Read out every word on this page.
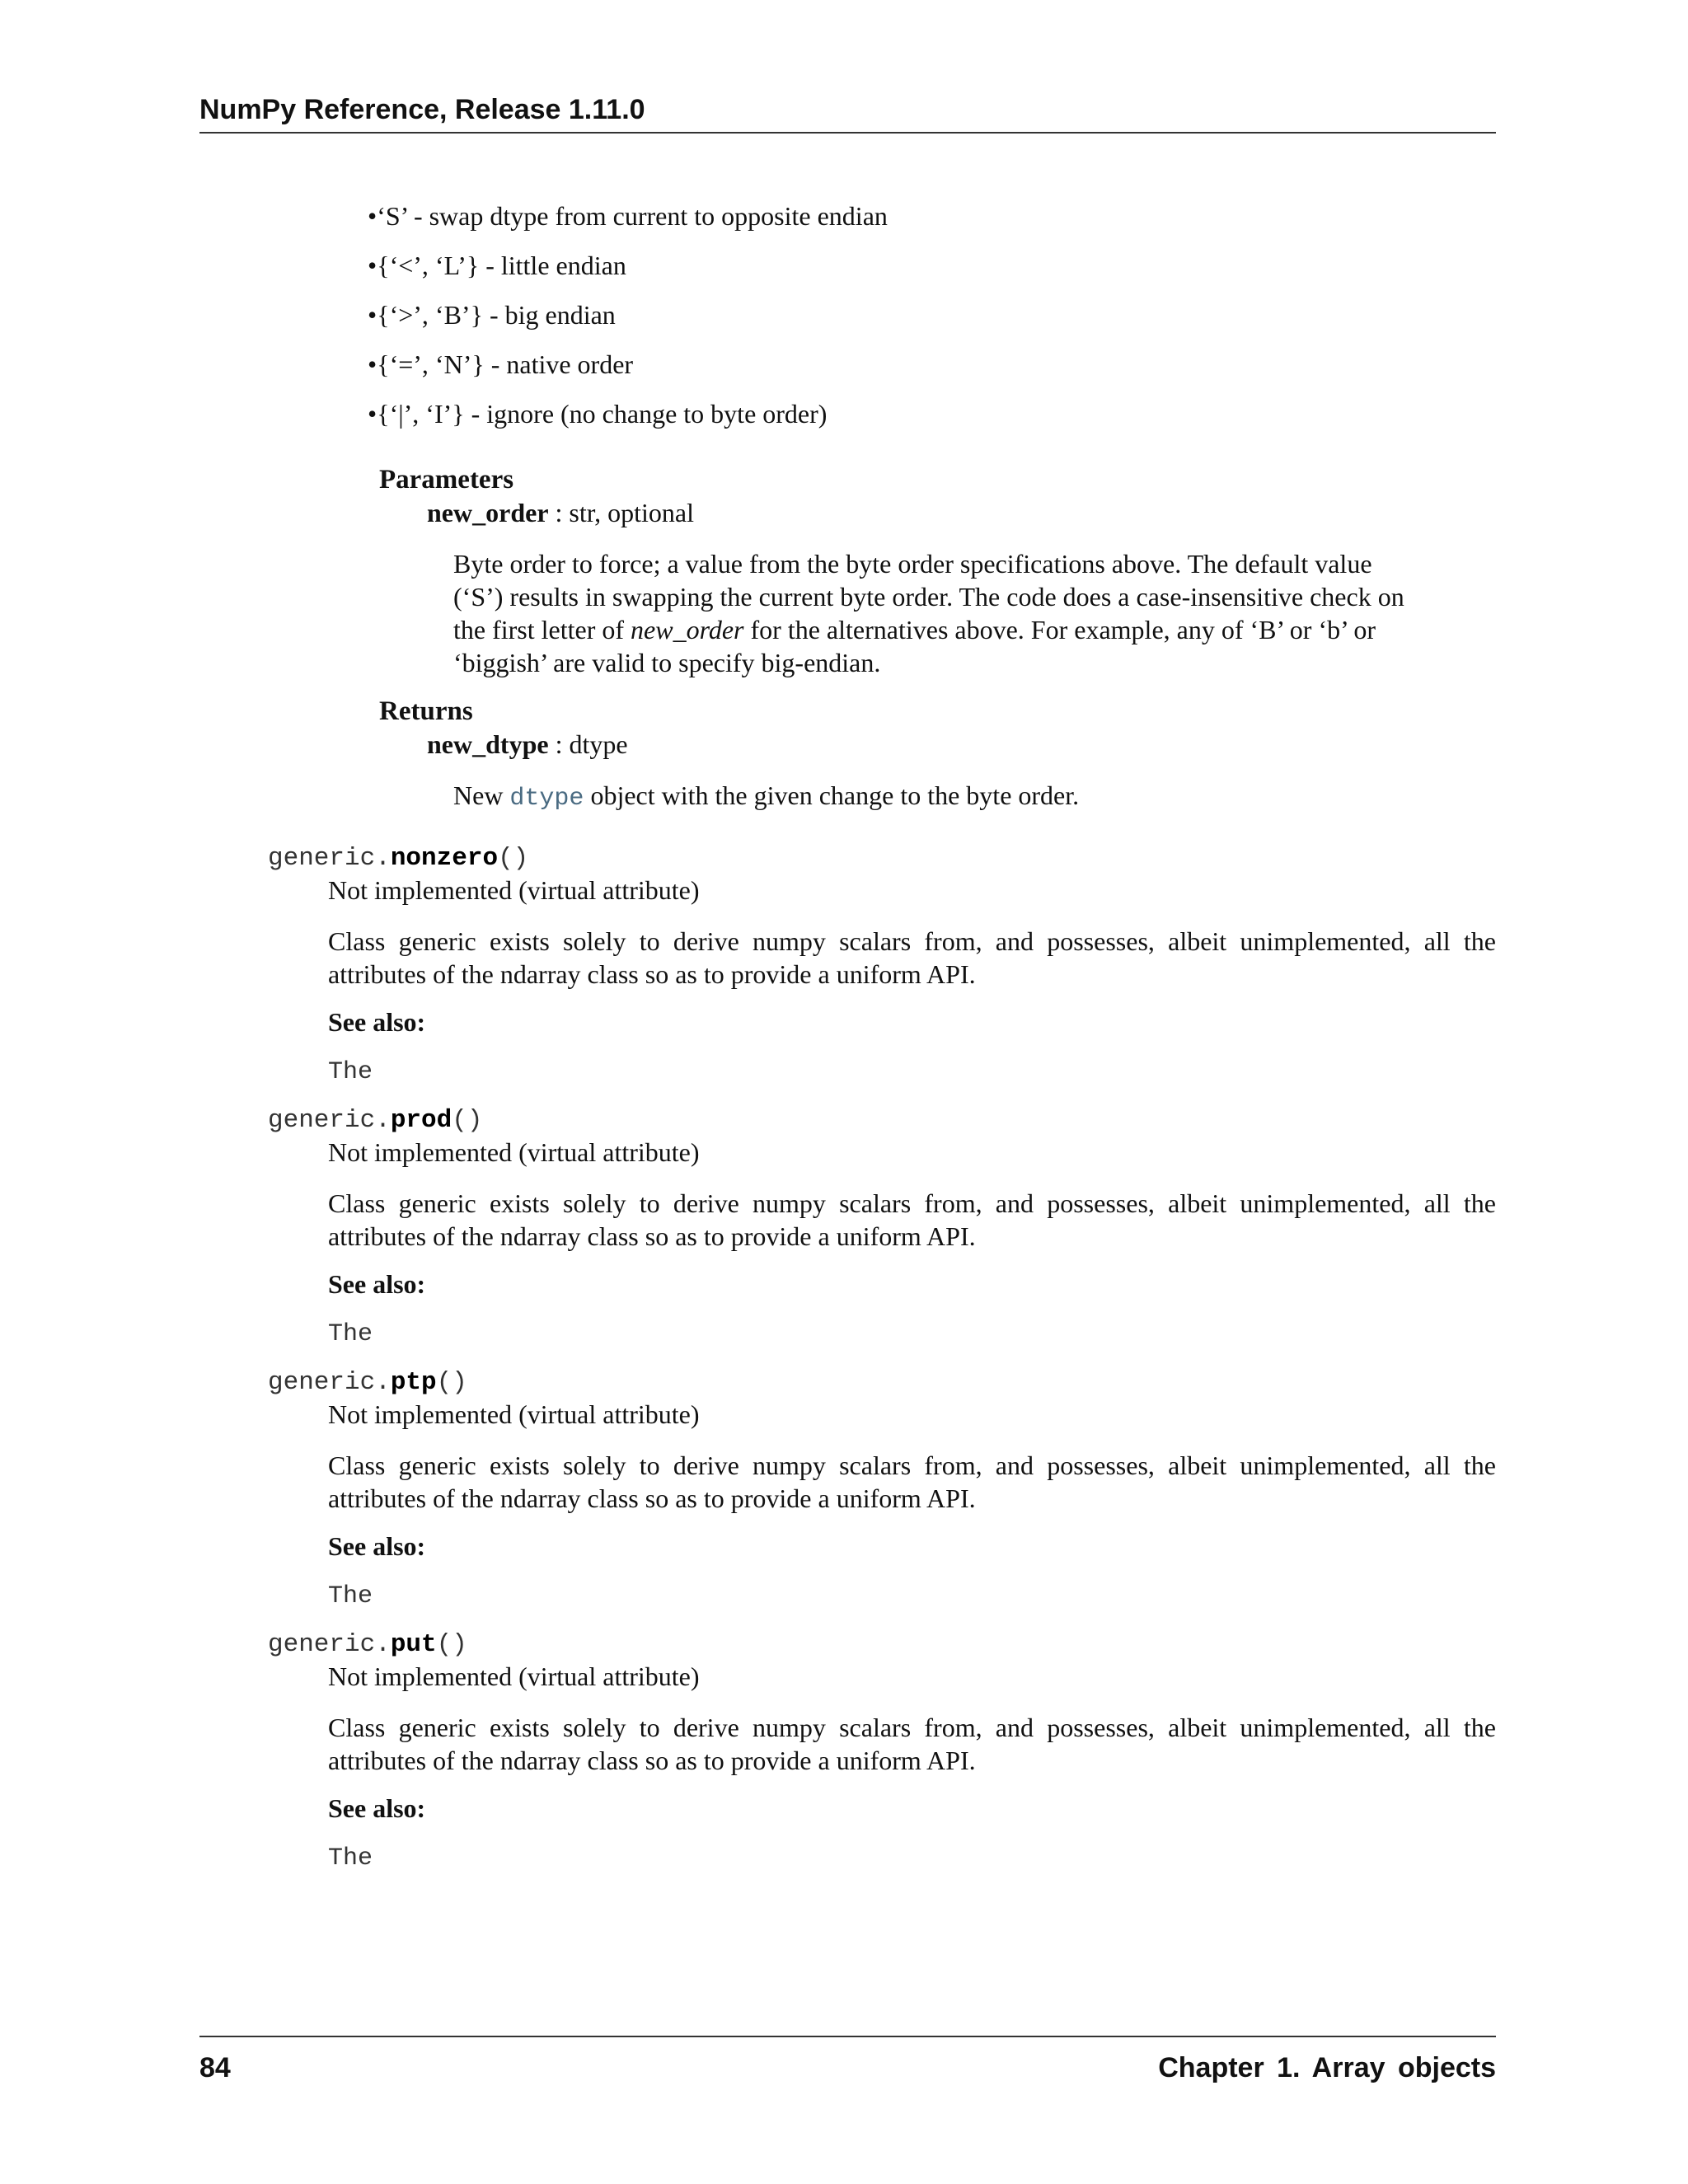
NumPy Reference, Release 1.11.0
•‘S’ - swap dtype from current to opposite endian
•{‘<’, ‘L’} - little endian
•{‘>’, ‘B’} - big endian
•{‘=’, ‘N’} - native order
•{‘|’, ‘I’} - ignore (no change to byte order)
Parameters
new_order : str, optional
Byte order to force; a value from the byte order specifications above. The default value (‘S’) results in swapping the current byte order. The code does a case-insensitive check on the first letter of new_order for the alternatives above. For example, any of ‘B’ or ‘b’ or ‘biggish’ are valid to specify big-endian.
Returns
new_dtype : dtype
New dtype object with the given change to the byte order.
generic.nonzero()
Not implemented (virtual attribute)
Class generic exists solely to derive numpy scalars from, and possesses, albeit unimplemented, all the attributes of the ndarray class so as to provide a uniform API.
See also:
The
generic.prod()
Not implemented (virtual attribute)
Class generic exists solely to derive numpy scalars from, and possesses, albeit unimplemented, all the attributes of the ndarray class so as to provide a uniform API.
See also:
The
generic.ptp()
Not implemented (virtual attribute)
Class generic exists solely to derive numpy scalars from, and possesses, albeit unimplemented, all the attributes of the ndarray class so as to provide a uniform API.
See also:
The
generic.put()
Not implemented (virtual attribute)
Class generic exists solely to derive numpy scalars from, and possesses, albeit unimplemented, all the attributes of the ndarray class so as to provide a uniform API.
See also:
The
84	Chapter 1. Array objects
